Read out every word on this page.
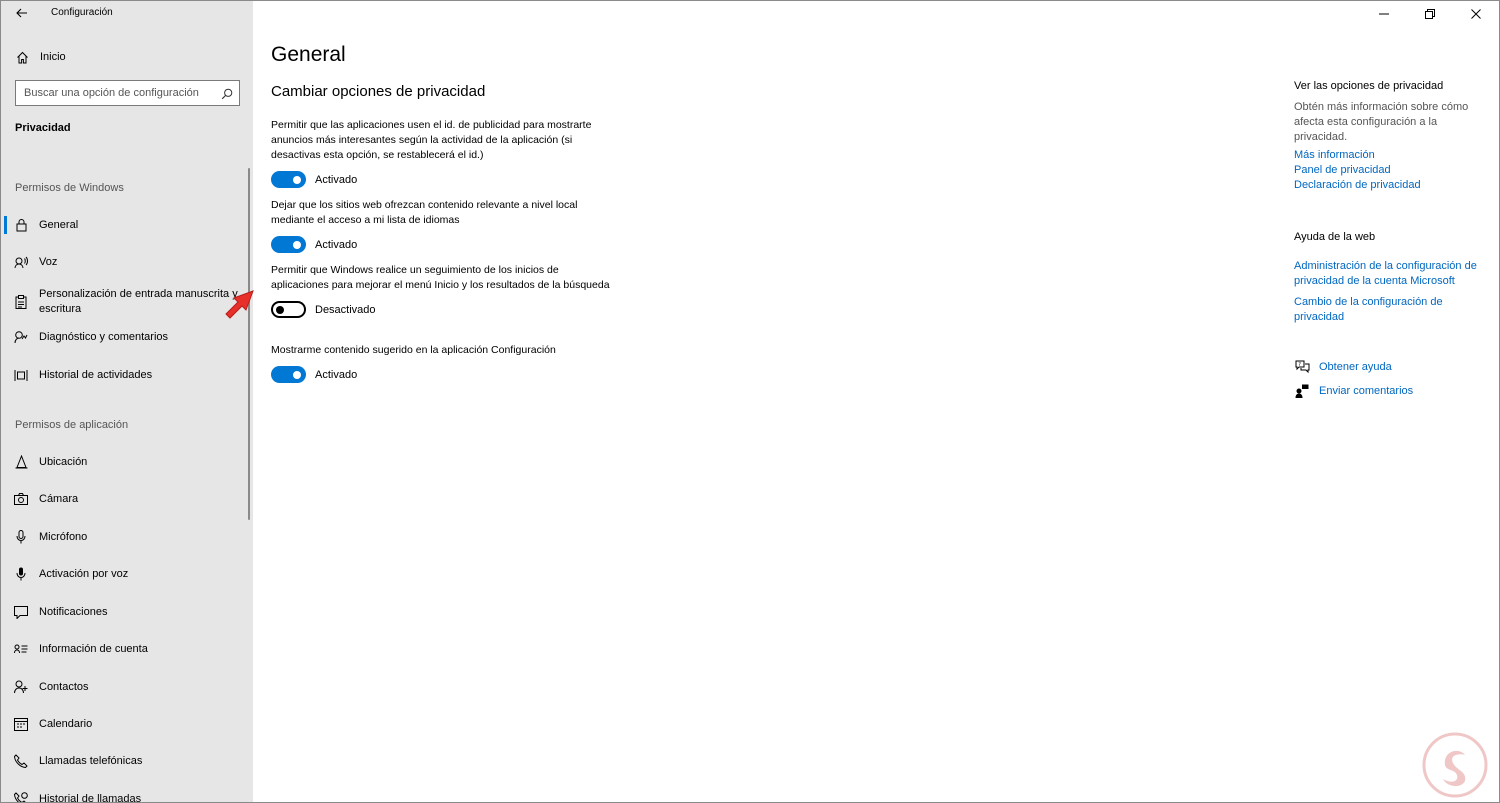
Configuración
Inicio
Buscar una opción de configuración
Privacidad
Permisos de Windows
General
Voz
Personalización de entrada manuscrita y escritura
Diagnóstico y comentarios
Historial de actividades
Permisos de aplicación
Ubicación
Cámara
Micrófono
Activación por voz
Notificaciones
Información de cuenta
Contactos
Calendario
Llamadas telefónicas
Historial de llamadas
General
Cambiar opciones de privacidad
Permitir que las aplicaciones usen el id. de publicidad para mostrarte anuncios más interesantes según la actividad de la aplicación (si desactivas esta opción, se restablecerá el id.)
Activado
Dejar que los sitios web ofrezcan contenido relevante a nivel local mediante el acceso a mi lista de idiomas
Activado
Permitir que Windows realice un seguimiento de los inicios de aplicaciones para mejorar el menú Inicio y los resultados de la búsqueda
Desactivado
Mostrarme contenido sugerido en la aplicación Configuración
Activado
Ver las opciones de privacidad
Obtén más información sobre cómo afecta esta configuración a la privacidad.
Más información
Panel de privacidad
Declaración de privacidad
Ayuda de la web
Administración de la configuración de privacidad de la cuenta Microsoft
Cambio de la configuración de privacidad
? Obtener ayuda
Enviar comentarios
